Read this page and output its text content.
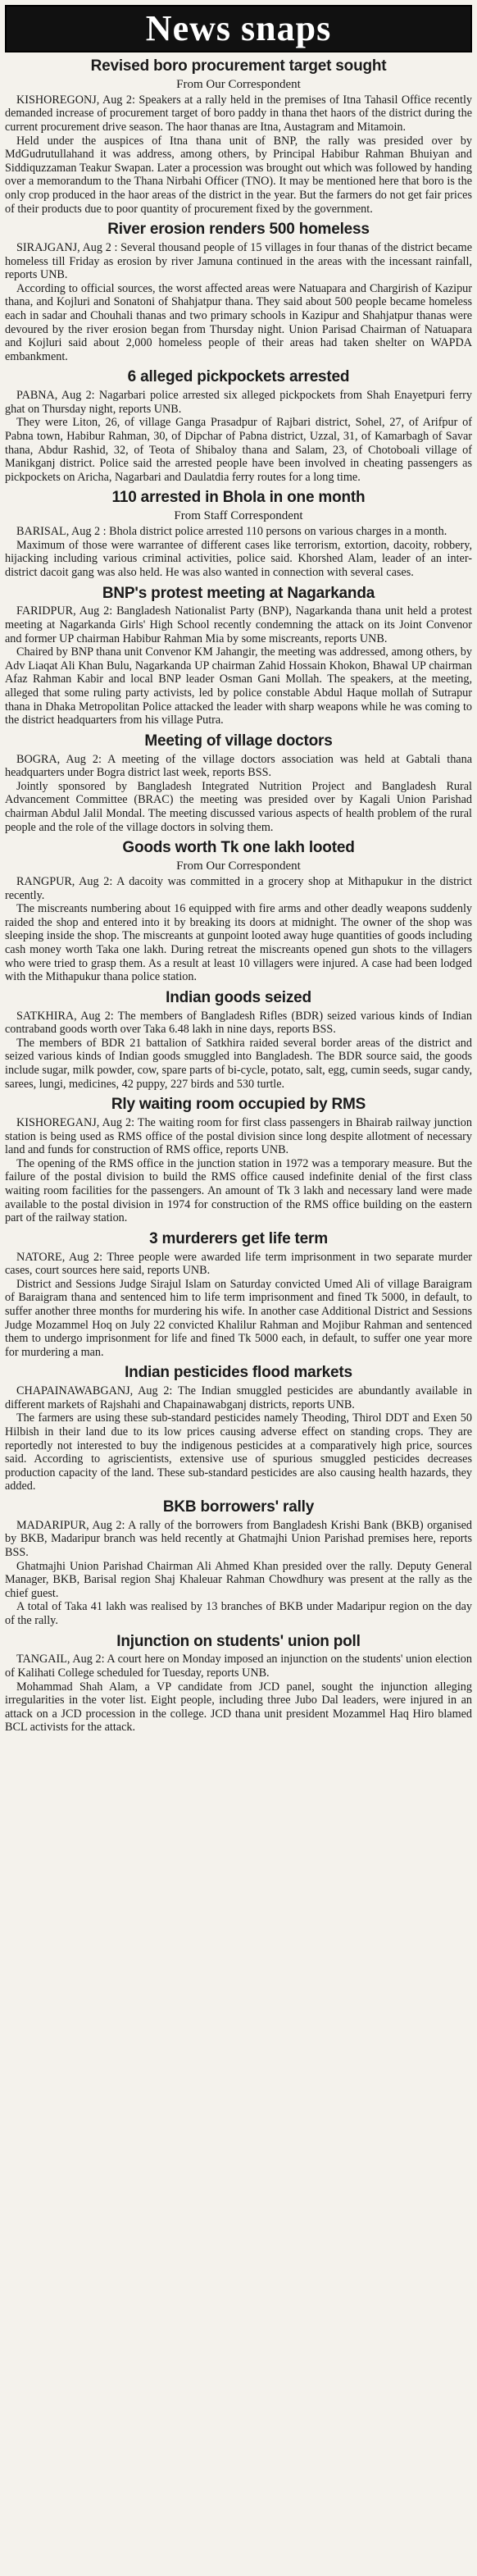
News snaps
Revised boro procurement target sought
From Our Correspondent

KISHOREGONJ, Aug 2: Speakers at a rally held in the premises of Itna Tahasil Office recently demanded increase of procurement target of boro paddy in thana thet haors of the district during the current procurement drive season. The haor thanas are Itna, Austagram and Mitamoin.

Held under the auspices of Itna thana unit of BNP, the rally was presided over by MdGudrutullahand it was address, among others, by Principal Habibur Rahman Bhuiyan and Siddiquzzaman Teakur Swapan. Later a procession was brought out which was followed by handing over a memorandum to the Thana Nirbahi Officer (TNO). It may be mentioned here that boro is the only crop produced in the haor areas of the district in the year. But the farmers do not get fair prices of their products due to poor quantity of procurement fixed by the government.

River erosion renders 500 homeless

SIRAJGANJ, Aug 2 : Several thousand people of 15 villages in four thanas of the district became homeless till Friday as erosion by river Jamuna continued in the areas with the incessant rainfall, reports UNB.

According to official sources, the worst affected areas were Natuapara and Chargirish of Kazipur thana, and Kojluri and Sonatoni of Shahjatpur thana. They said about 500 people became homeless each in sadar and Chouhali thanas and two primary schools in Kazipur and Shahjatpur thanas were devoured by the river erosion began from Thursday night. Union Parisad Chairman of Natuapara and Kojluri said about 2,000 homeless people of their areas had taken shelter on WAPDA embankment.

6 alleged pickpockets arrested

PABNA, Aug 2: Nagarbari police arrested six alleged pickpockets from Shah Enayetpuri ferry ghat on Thursday night, reports UNB.

They were Liton, 26, of village Ganga Prasadpur of Rajbari district, Sohel, 27, of Arifpur of Pabna town, Habibur Rahman, 30, of Dipchar of Pabna district, Uzzal, 31, of Kamarbagh of Savar thana, Abdur Rashid, 32, of Teota of Shibaloy thana and Salam, 23, of Chotoboali village of Manikganj district. Police said the arrested people have been involved in cheating passengers as pickpockets on Aricha, Nagarbari and Daulatdia ferry routes for a long time.

110 arrested in Bhola in one month
From Staff Correspondent

BARISAL, Aug 2 : Bhola district police arrested 110 persons on various charges in a month.

Maximum of those were warrantee of different cases like terrorism, extortion, dacoity, robbery, hijacking including various criminal activities, police said. Khorshed Alam, leader of an inter-district dacoit gang was also held. He was also wanted in connection with several cases.

BNP's protest meeting at Nagarkanda

FARIDPUR, Aug 2: Bangladesh Nationalist Party (BNP), Nagarkanda thana unit held a protest meeting at Nagarkanda Girls' High School recently condemning the attack on its Joint Convenor and former UP chairman Habibur Rahman Mia by some miscreants, reports UNB.

Chaired by BNP thana unit Convenor KM Jahangir, the meeting was addressed, among others, by Adv Liaqat Ali Khan Bulu, Nagarkanda UP chairman Zahid Hossain Khokon, Bhawal UP chairman Afaz Rahman Kabir and local BNP leader Osman Gani Mollah. The speakers, at the meeting, alleged that some ruling party activists, led by police constable Abdul Haque mollah of Sutrapur thana in Dhaka Metropolitan Police attacked the leader with sharp weapons while he was coming to the district headquarters from his village Putra.

Meeting of village doctors

BOGRA, Aug 2: A meeting of the village doctors association was held at Gabtali thana headquarters under Bogra district last week, reports BSS.

Jointly sponsored by Bangladesh Integrated Nutrition Project and Bangladesh Rural Advancement Committee (BRAC) the meeting was presided over by Kagali Union Parishad chairman Abdul Jalil Mondal. The meeting discussed various aspects of health problem of the rural people and the role of the village doctors in solving them.

Goods worth Tk one lakh looted
From Our Correspondent

RANGPUR, Aug 2: A dacoity was committed in a grocery shop at Mithapukur in the district recently.

The miscreants numbering about 16 equipped with fire arms and other deadly weapons suddenly raided the shop and entered into it by breaking its doors at midnight. The owner of the shop was sleeping inside the shop. The miscreants at gunpoint looted away huge quantities of goods including cash money worth Taka one lakh. During retreat the miscreants opened gun shots to the villagers who were tried to grasp them. As a result at least 10 villagers were injured. A case had been lodged with the Mithapukur thana police station.

Indian goods seized

SATKHIRA, Aug 2: The members of Bangladesh Rifles (BDR) seized various kinds of Indian contraband goods worth over Taka 6.48 lakh in nine days, reports BSS.

The members of BDR 21 battalion of Satkhira raided several border areas of the district and seized various kinds of Indian goods smuggled into Bangladesh. The BDR source said, the goods include sugar, milk powder, cow, spare parts of bi-cycle, potato, salt, egg, cumin seeds, sugar candy, sarees, lungi, medicines, 42 puppy, 227 birds and 530 turtle.

Rly waiting room occupied by RMS

KISHOREGANJ, Aug 2: The waiting room for first class passengers in Bhairab railway junction station is being used as RMS office of the postal division since long despite allotment of necessary land and funds for construction of RMS office, reports UNB.

The opening of the RMS office in the junction station in 1972 was a temporary measure. But the failure of the postal division to build the RMS office caused indefinite denial of the first class waiting room facilities for the passengers. An amount of Tk 3 lakh and necessary land were made available to the postal division in 1974 for construction of the RMS office building on the eastern part of the railway station.

3 murderers get life term

NATORE, Aug 2: Three people were awarded life term imprisonment in two separate murder cases, court sources here said, reports UNB.

District and Sessions Judge Sirajul Islam on Saturday convicted Umed Ali of village Baraigram of Baraigram thana and sentenced him to life term imprisonment and fined Tk 5000, in default, to suffer another three months for murdering his wife. In another case Additional District and Sessions Judge Mozammel Hoq on July 22 convicted Khalilur Rahman and Mojibur Rahman and sentenced them to undergo imprisonment for life and fined Tk 5000 each, in default, to suffer one year more for murdering a man.

Indian pesticides flood markets

CHAPAINAWABGANJ, Aug 2: The Indian smuggled pesticides are abundantly available in different markets of Rajshahi and Chapainawabganj districts, reports UNB.

The farmers are using these sub-standard pesticides namely Theoding, Thirol DDT and Exen 50 Hilbish in their land due to its low prices causing adverse effect on standing crops. They are reportedly not interested to buy the indigenous pesticides at a comparatively high price, sources said. According to agriscientists, extensive use of spurious smuggled pesticides decreases production capacity of the land. These sub-standard pesticides are also causing health hazards, they added.

BKB borrowers' rally

MADARIPUR, Aug 2: A rally of the borrowers from Bangladesh Krishi Bank (BKB) organised by BKB, Madaripur branch was held recently at Ghatmajhi Union Parishad premises here, reports BSS.

Ghatmajhi Union Parishad Chairman Ali Ahmed Khan presided over the rally. Deputy General Manager, BKB, Barisal region Shaj Khaleuar Rahman Chowdhury was present at the rally as the chief guest.

A total of Taka 41 lakh was realised by 13 branches of BKB under Madaripur region on the day of the rally.

Injunction on students' union poll

TANGAIL, Aug 2: A court here on Monday imposed an injunction on the students' union election of Kalihati College scheduled for Tuesday, reports UNB.

Mohammad Shah Alam, a VP candidate from JCD panel, sought the injunction alleging irregularities in the voter list. Eight people, including three Jubo Dal leaders, were injured in an attack on a JCD procession in the college. JCD thana unit president Mozammel Haq Hiro blamed BCL activists for the attack.
